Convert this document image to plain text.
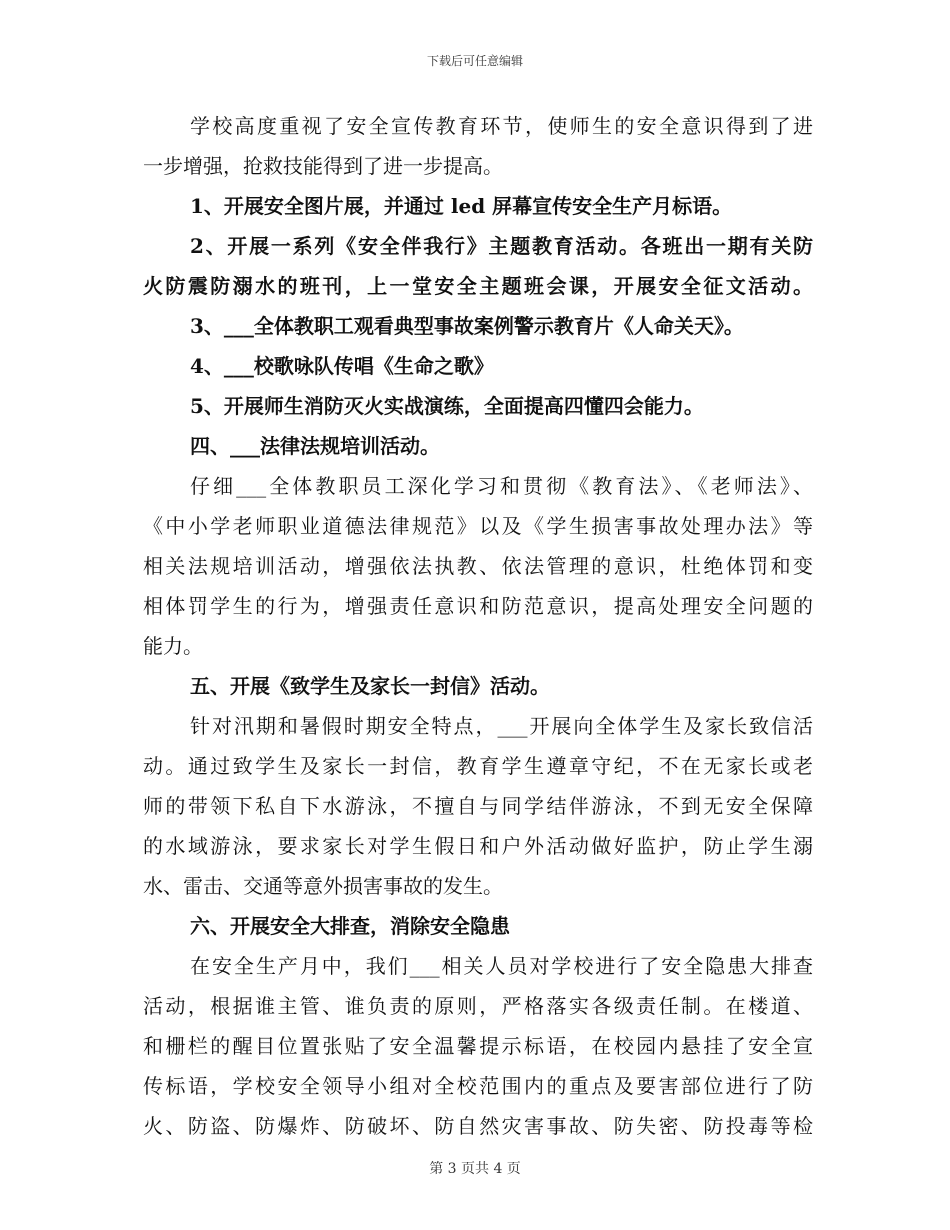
下载后可任意编辑
学校高度重视了安全宣传教育环节，使师生的安全意识得到了进
一步增强，抢救技能得到了进一步提高。
1、开展安全图片展，并通过 led 屏幕宣传安全生产月标语。
2、开展一系列《安全伴我行》主题教育活动。各班出一期有关防
火防震防溺水的班刊，上一堂安全主题班会课，开展安全征文活动。
3、___全体教职工观看典型事故案例警示教育片《人命关天》。
4、___校歌咏队传唱《生命之歌》
5、开展师生消防灭火实战演练，全面提高四懂四会能力。
四、___法律法规培训活动。
仔细___全体教职员工深化学习和贯彻《教育法》、《老师法》、
《中小学老师职业道德法律规范》以及《学生损害事故处理办法》等
相关法规培训活动，增强依法执教、依法管理的意识，杜绝体罚和变
相体罚学生的行为，增强责任意识和防范意识，提高处理安全问题的
能力。
五、开展《致学生及家长一封信》活动。
针对汛期和暑假时期安全特点，___开展向全体学生及家长致信活
动。通过致学生及家长一封信，教育学生遵章守纪，不在无家长或老
师的带领下私自下水游泳，不擅自与同学结伴游泳，不到无安全保障
的水域游泳，要求家长对学生假日和户外活动做好监护，防止学生溺
水、雷击、交通等意外损害事故的发生。
六、开展安全大排查，消除安全隐患
在安全生产月中，我们___相关人员对学校进行了安全隐患大排查
活动，根据谁主管、谁负责的原则，严格落实各级责任制。在楼道、
和栅栏的醒目位置张贴了安全温馨提示标语，在校园内悬挂了安全宣
传标语，学校安全领导小组对全校范围内的重点及要害部位进行了防
火、防盗、防爆炸、防破坏、防自然灾害事故、防失密、防投毒等检
第 3 页共 4 页
